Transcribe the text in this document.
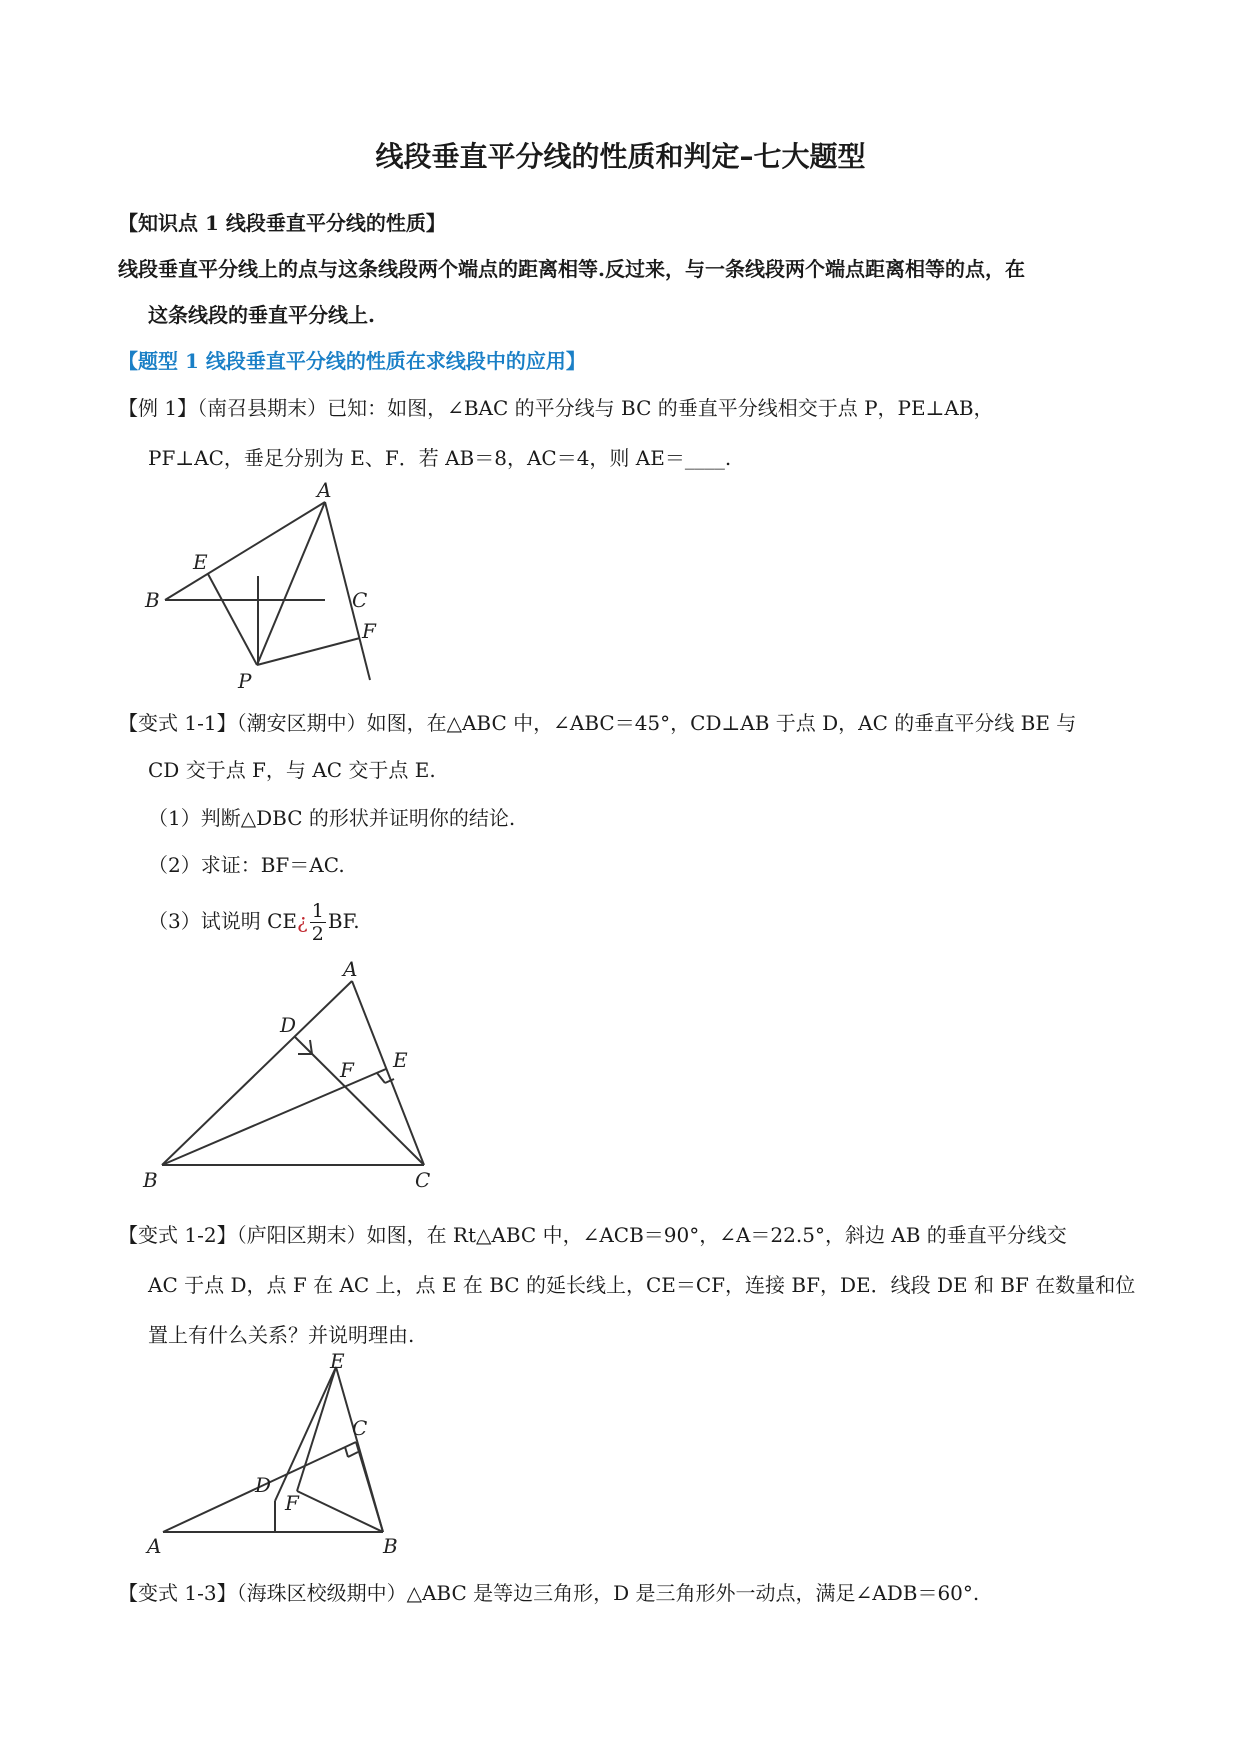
线段垂直平分线的性质和判定–七大题型
【知识点 1 线段垂直平分线的性质】
线段垂直平分线上的点与这条线段两个端点的距离相等.反过来，与一条线段两个端点距离相等的点，在
这条线段的垂直平分线上.
【题型 1 线段垂直平分线的性质在求线段中的应用】
【例 1】（南召县期末）已知：如图，∠BAC 的平分线与 BC 的垂直平分线相交于点 P，PE⊥AB，
PF⊥AC，垂足分别为 E、F．若 AB＝8，AC＝4，则 AE＝____.
A
B	C
E
F
P
【变式 1-1】（潮安区期中）如图，在△ABC 中，∠ABC＝45°，CD⊥AB 于点 D，AC 的垂直平分线 BE 与
CD 交于点 F，与 AC 交于点 E.
（1）判断△DBC 的形状并证明你的结论.
（2）求证：BF＝AC.
（3）试说明 CE¿ $\frac{1}{2}$ BF.
A
B	C
D
E
F
【变式 1-2】（庐阳区期末）如图，在 Rt△ABC 中，∠ACB＝90°，∠A＝22.5°，斜边 AB 的垂直平分线交
AC 于点 D，点 F 在 AC 上，点 E 在 BC 的延长线上，CE＝CF，连接 BF，DE．线段 DE 和 BF 在数量和位
置上有什么关系？并说明理由.
E
C
D
F
A	B
【变式 1-3】（海珠区校级期中）△ABC 是等边三角形，D 是三角形外一动点，满足∠ADB＝60°.
